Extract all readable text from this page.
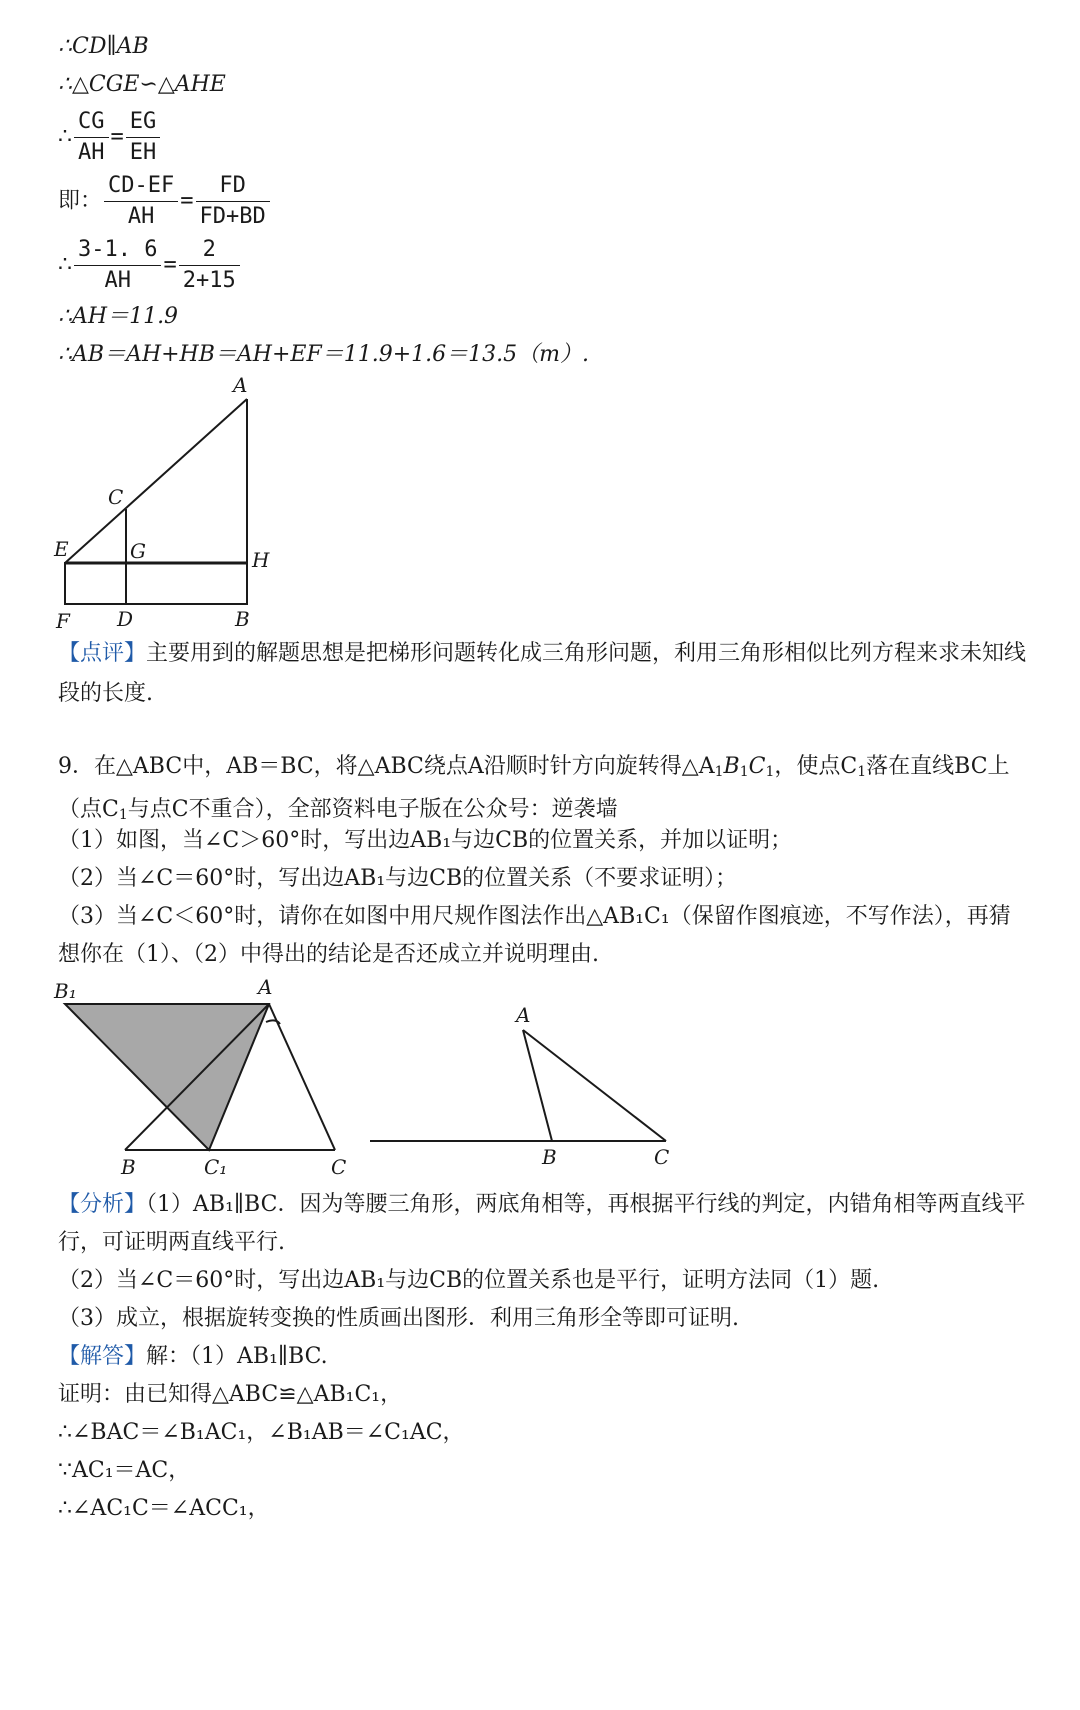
∴CD∥AB
∴△CGE∽△AHE
∴ $\frac{CG}{AH} = \frac{EG}{EH}$
即： $\frac{CD-EF}{AH} = \frac{FD}{FD+BD}$
∴ $\frac{3-1. 6}{AH} = \frac{2}{2+15}$
∴AH＝11.9
∴AB＝AH+HB＝AH+EF＝11.9+1.6＝13.5（m）.
A
C
E	G	H
F D	B
【点评】主要用到的解题思想是把梯形问题转化成三角形问题，利用三角形相似比列方程来求未知线段的长度.
9．在△ABC中，AB＝BC，将△ABC绕点A沿顺时针方向旋转得$\triangle A_1B_1C_1$，使点$C_1$落在直线BC上（点$C_1$与点C不重合），全部资料电子版在公众号：逆袭墙
（1）如图，当∠C＞60°时，写出边AB₁与边CB的位置关系，并加以证明；
（2）当∠C＝60°时，写出边AB₁与边CB的位置关系（不要求证明）；
（3）当∠C＜60°时，请你在如图中用尺规作图法作出△AB₁C₁（保留作图痕迹，不写作法），再猜想你在（1）、（2）中得出的结论是否还成立并说明理由.
B₁	A
B	C₁	C
A
B	C
【分析】（1）AB₁∥BC．因为等腰三角形，两底角相等，再根据平行线的判定，内错角相等两直线平行，可证明两直线平行.
（2）当∠C＝60°时，写出边AB₁与边CB的位置关系也是平行，证明方法同（1）题.
（3）成立，根据旋转变换的性质画出图形．利用三角形全等即可证明.
【解答】解：（1）AB₁∥BC.
证明：由已知得△ABC≌△AB₁C₁，
∴∠BAC＝∠B₁AC₁，∠B₁AB＝∠C₁AC，
∵AC₁＝AC，
∴∠AC₁C＝∠ACC₁，
